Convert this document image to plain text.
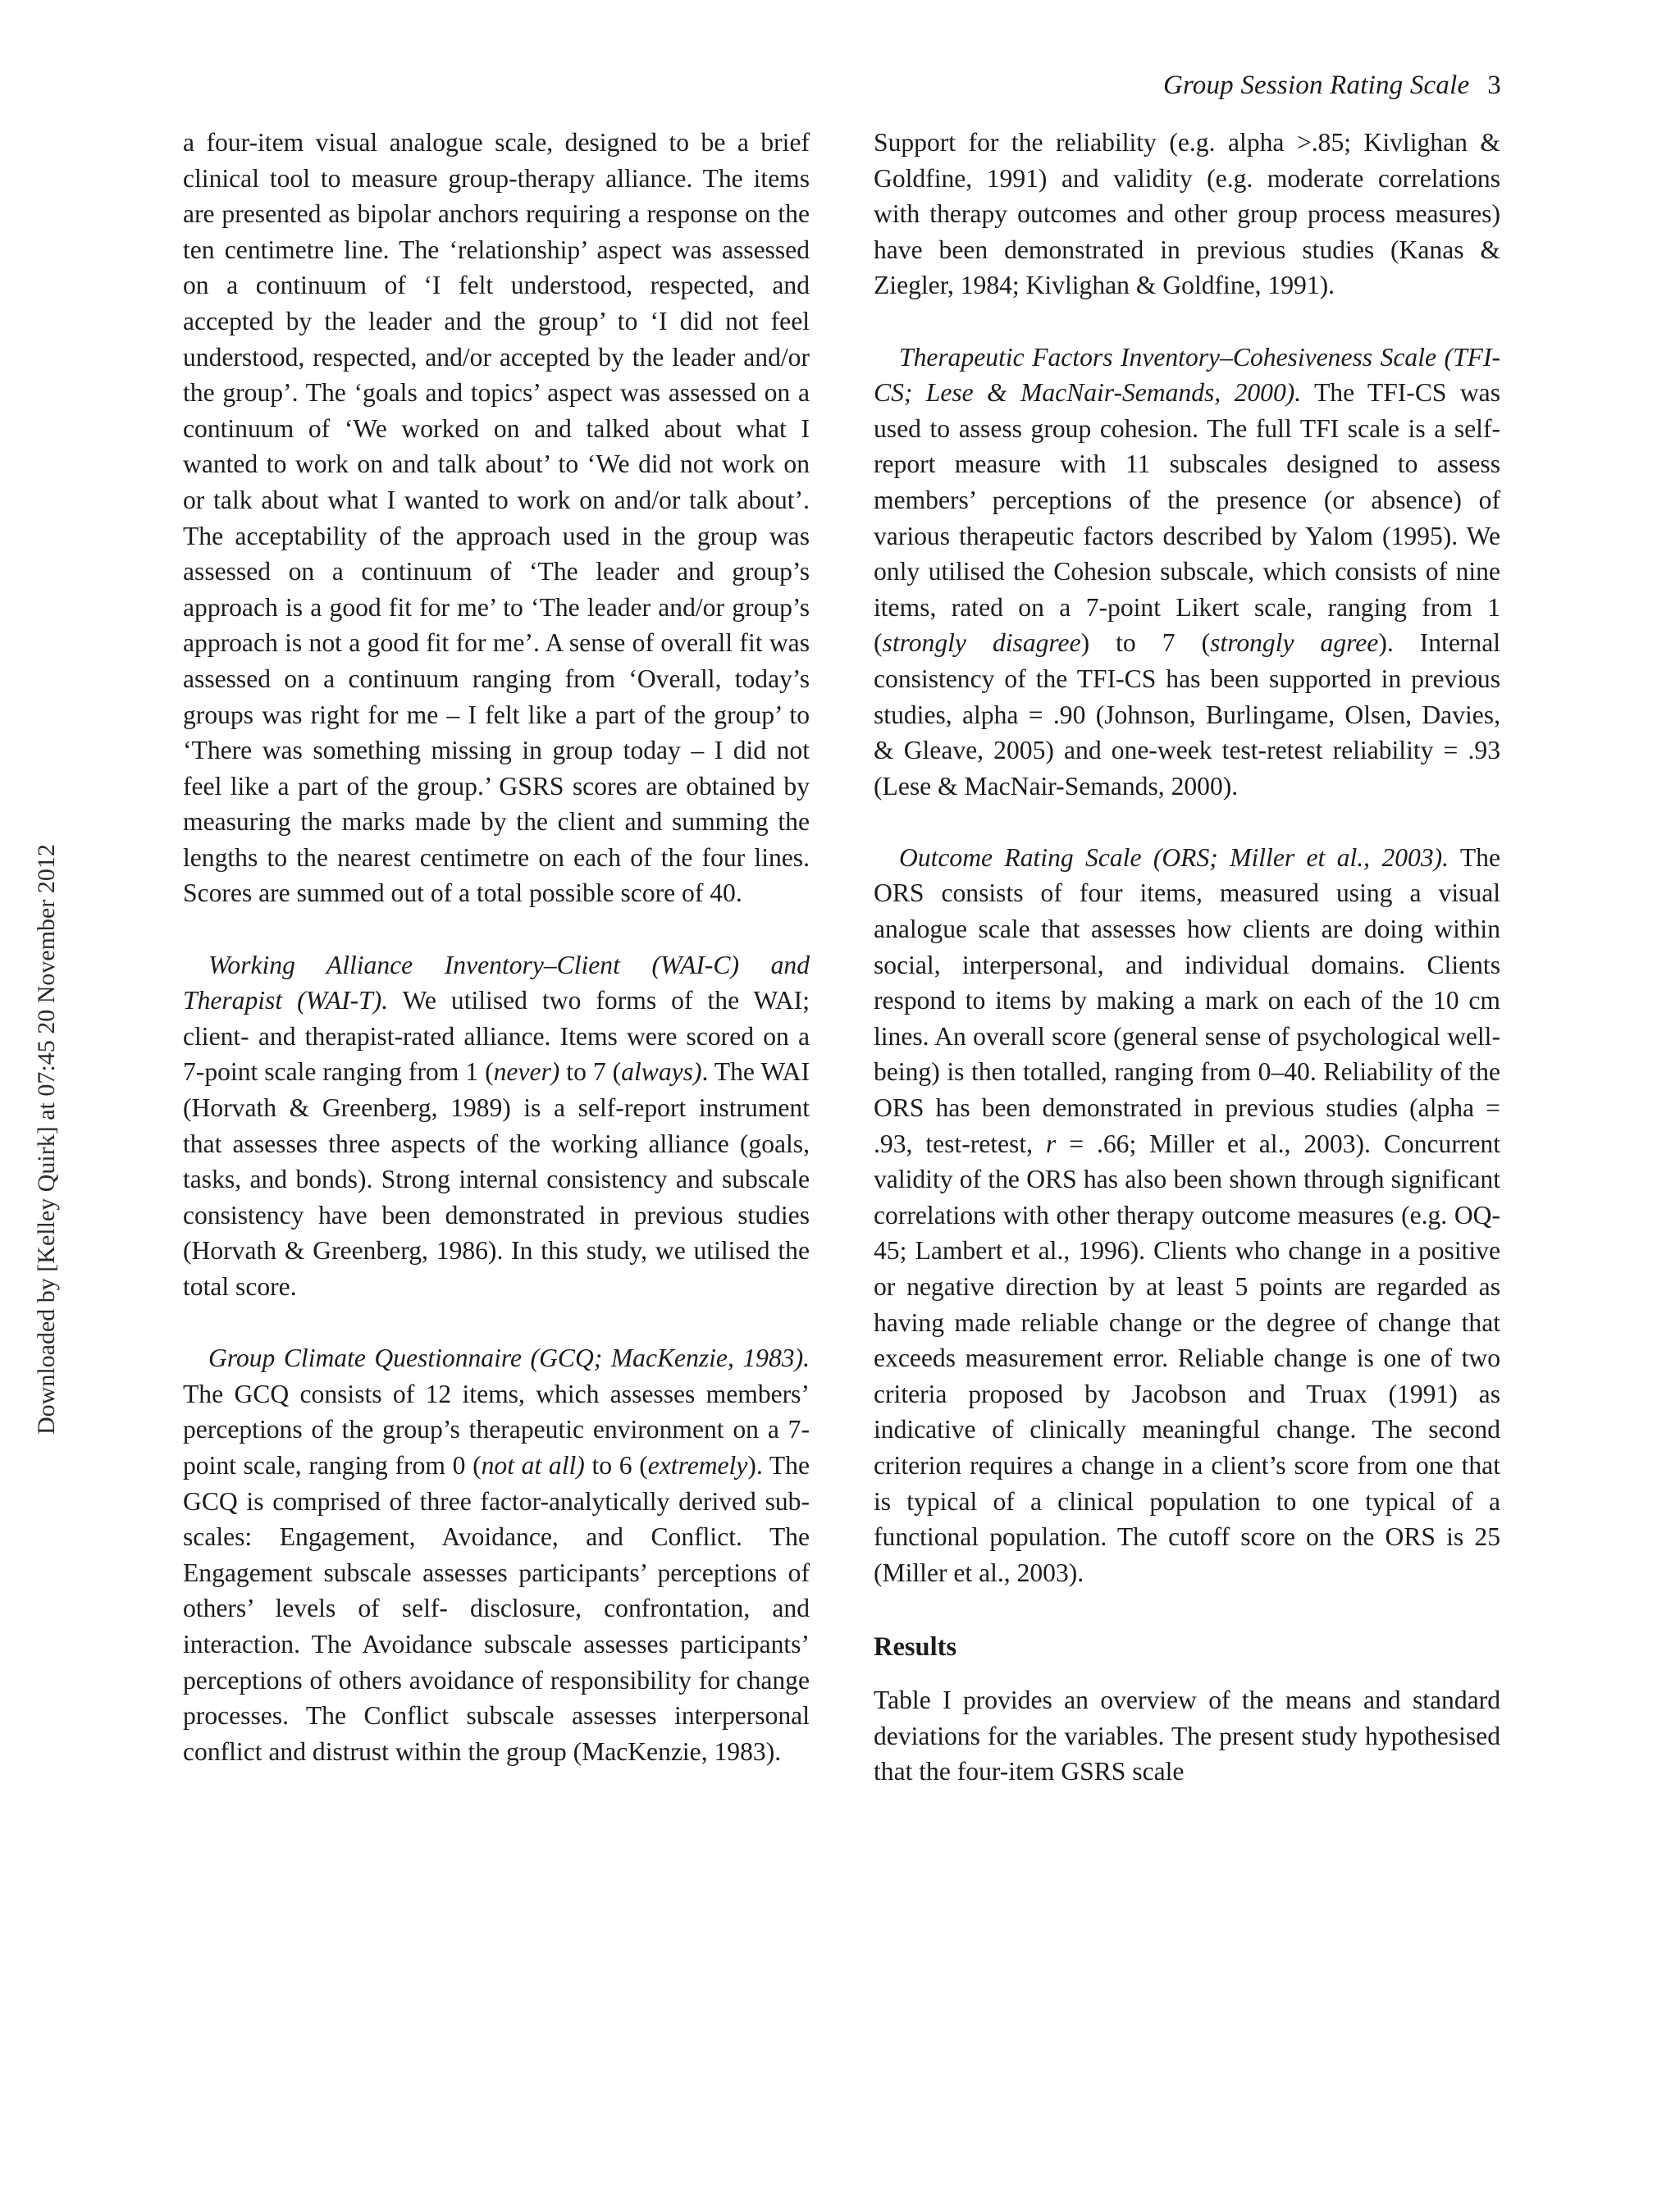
Group Session Rating Scale 3
Downloaded by [Kelley Quirk] at 07:45 20 November 2012

a four-item visual analogue scale, designed to be a brief clinical tool to measure group-therapy alliance. The items are presented as bipolar anchors requiring a response on the ten centimetre line. The ‘relationship’ aspect was assessed on a continuum of ‘I felt understood, respected, and accepted by the leader and the group’ to ‘I did not feel understood, respected, and/or accepted by the leader and/or the group’. The ‘goals and topics’ aspect was assessed on a continuum of ‘We worked on and talked about what I wanted to work on and talk about’ to ‘We did not work on or talk about what I wanted to work on and/or talk about’. The acceptability of the approach used in the group was assessed on a continuum of ‘The leader and group’s approach is a good fit for me’ to ‘The leader and/or group’s approach is not a good fit for me’. A sense of overall fit was assessed on a continuum ranging from ‘Overall, today’s groups was right for me – I felt like a part of the group’ to ‘There was something missing in group today – I did not feel like a part of the group.’ GSRS scores are obtained by measuring the marks made by the client and summing the lengths to the nearest centimetre on each of the four lines. Scores are summed out of a total possible score of 40.

Working Alliance Inventory–Client (WAI-C) and Therapist (WAI-T). We utilised two forms of the WAI; client- and therapist-rated alliance. Items were scored on a 7-point scale ranging from 1 (never) to 7 (always). The WAI (Horvath & Greenberg, 1989) is a self-report instrument that assesses three aspects of the working alliance (goals, tasks, and bonds). Strong internal consistency and subscale consistency have been demonstrated in previous studies (Horvath & Greenberg, 1986). In this study, we utilised the total score.

Group Climate Questionnaire (GCQ; MacKenzie, 1983). The GCQ consists of 12 items, which assesses members’ perceptions of the group’s therapeutic environment on a 7-point scale, ranging from 0 (not at all) to 6 (extremely). The GCQ is comprised of three factor-analytically derived subscales: Engagement, Avoidance, and Conflict. The Engagement subscale assesses participants’ perceptions of others’ levels of self- disclosure, confrontation, and interaction. The Avoidance subscale assesses participants’ perceptions of others avoidance of responsibility for change processes. The Conflict subscale assesses interpersonal conflict and distrust within the group (MacKenzie, 1983).

Support for the reliability (e.g. alpha >.85; Kivlighan & Goldfine, 1991) and validity (e.g. moderate correlations with therapy outcomes and other group process measures) have been demonstrated in previous studies (Kanas & Ziegler, 1984; Kivlighan & Goldfine, 1991).

Therapeutic Factors Inventory–Cohesiveness Scale (TFI-CS; Lese & MacNair-Semands, 2000). The TFI-CS was used to assess group cohesion. The full TFI scale is a self-report measure with 11 subscales designed to assess members’ perceptions of the presence (or absence) of various therapeutic factors described by Yalom (1995). We only utilised the Cohesion subscale, which consists of nine items, rated on a 7-point Likert scale, ranging from 1 (strongly disagree) to 7 (strongly agree). Internal consistency of the TFI-CS has been supported in previous studies, alpha = .90 (Johnson, Burlingame, Olsen, Davies, & Gleave, 2005) and one-week test-retest reliability = .93 (Lese & MacNair-Semands, 2000).

Outcome Rating Scale (ORS; Miller et al., 2003). The ORS consists of four items, measured using a visual analogue scale that assesses how clients are doing within social, interpersonal, and individual domains. Clients respond to items by making a mark on each of the 10 cm lines. An overall score (general sense of psychological well-being) is then totalled, ranging from 0–40. Reliability of the ORS has been demonstrated in previous studies (alpha = .93, test-retest, r = .66; Miller et al., 2003). Concurrent validity of the ORS has also been shown through significant correlations with other therapy outcome measures (e.g. OQ-45; Lambert et al., 1996). Clients who change in a positive or negative direction by at least 5 points are regarded as having made reliable change or the degree of change that exceeds measurement error. Reliable change is one of two criteria proposed by Jacobson and Truax (1991) as indicative of clinically meaningful change. The second criterion requires a change in a client’s score from one that is typical of a clinical population to one typical of a functional population. The cutoff score on the ORS is 25 (Miller et al., 2003).

Results

Table I provides an overview of the means and standard deviations for the variables. The present study hypothesised that the four-item GSRS scale
